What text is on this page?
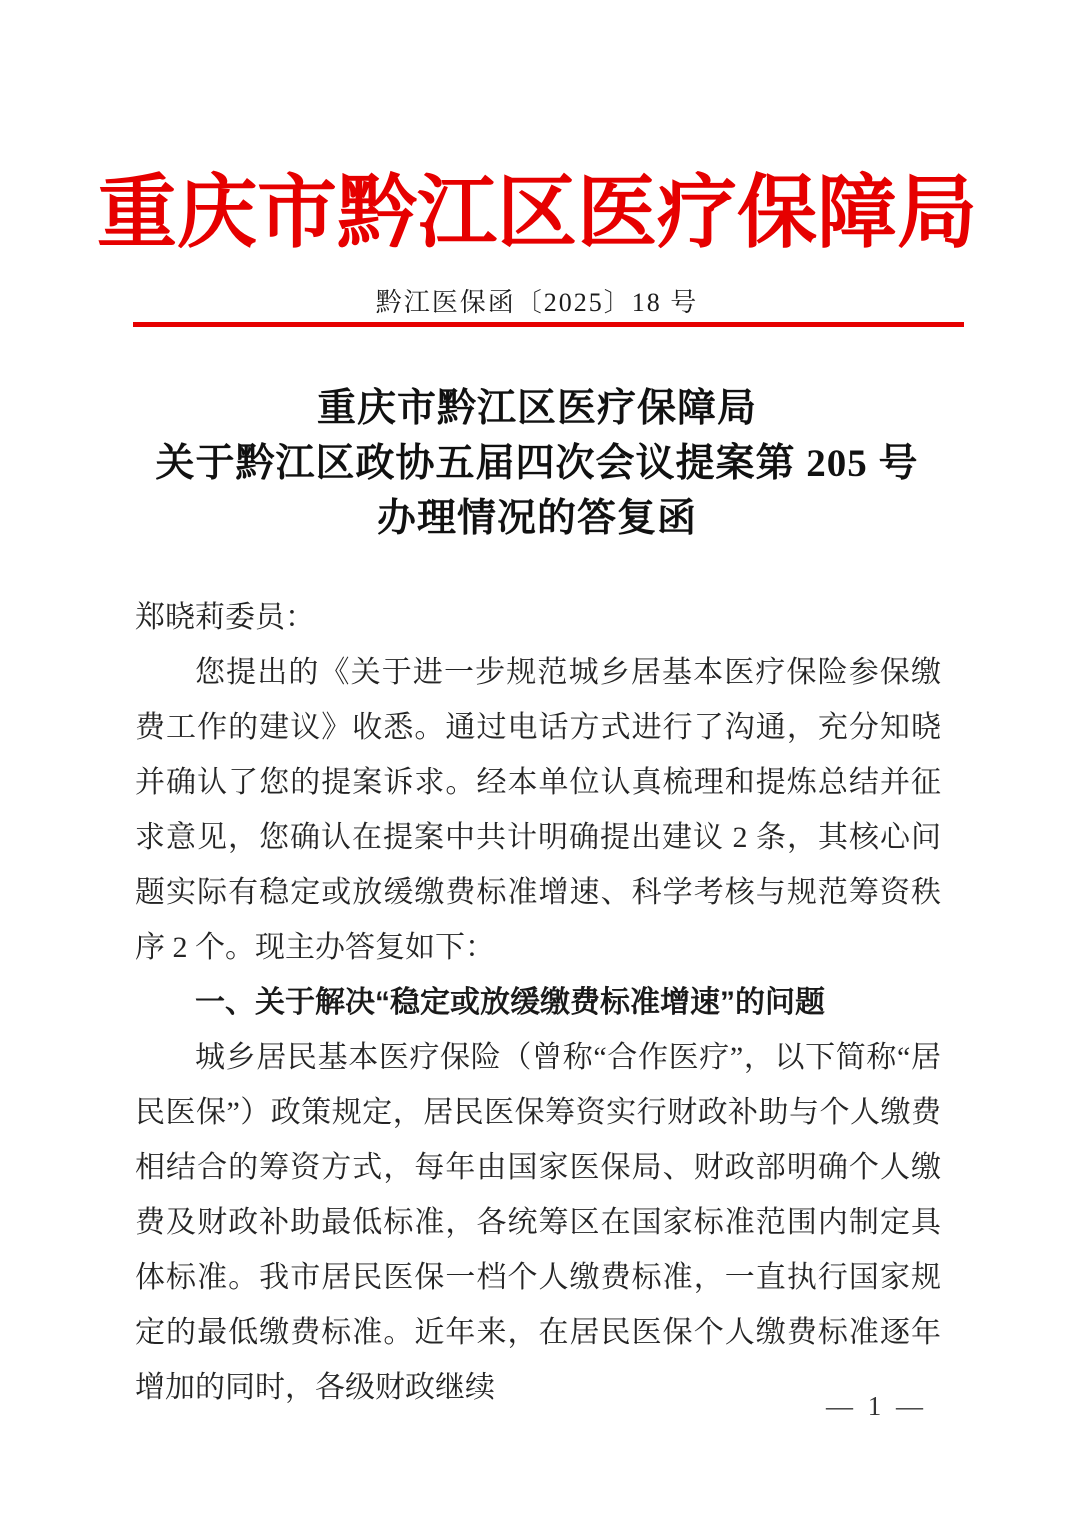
重庆市黔江区医疗保障局
黔江医保函〔2025〕18 号
重庆市黔江区医疗保障局
关于黔江区政协五届四次会议提案第 205 号
办理情况的答复函

郑晓莉委员：

您提出的《关于进一步规范城乡居基本医疗保险参保缴费工作的建议》收悉。通过电话方式进行了沟通，充分知晓并确认了您的提案诉求。经本单位认真梳理和提炼总结并征求意见，您确认在提案中共计明确提出建议 2 条，其核心问题实际有稳定或放缓缴费标准增速、科学考核与规范筹资秩序 2 个。现主办答复如下：

一、关于解决“稳定或放缓缴费标准增速”的问题

城乡居民基本医疗保险（曾称“合作医疗”，以下简称“居民医保”）政策规定，居民医保筹资实行财政补助与个人缴费相结合的筹资方式，每年由国家医保局、财政部明确个人缴费及财政补助最低标准，各统筹区在国家标准范围内制定具体标准。我市居民医保一档个人缴费标准，一直执行国家规定的最低缴费标准。近年来，在居民医保个人缴费标准逐年增加的同时，各级财政继续

— 1 —
